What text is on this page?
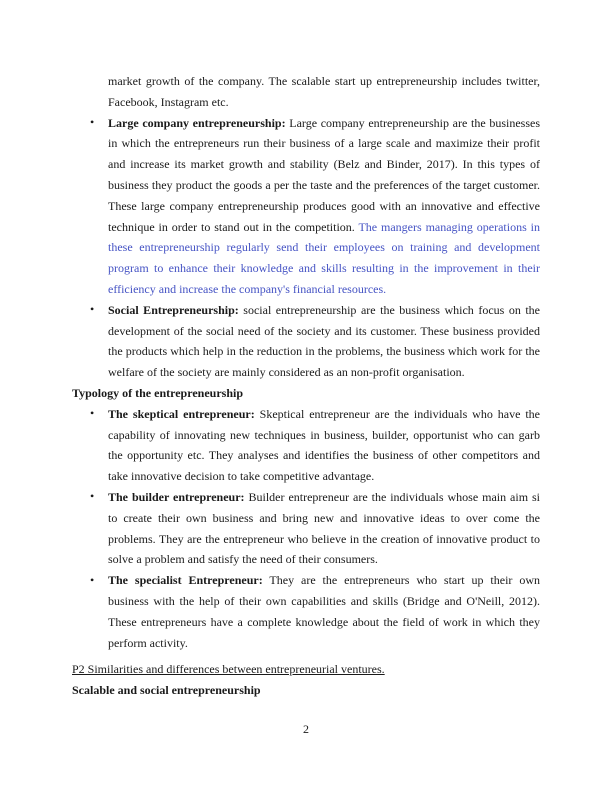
market growth of the company. The scalable start up entrepreneurship includes twitter, Facebook, Instagram etc.

• Large company entrepreneurship: Large company entrepreneurship are the businesses in which the entrepreneurs run their business of a large scale and maximize their profit and increase its market growth and stability (Belz and Binder, 2017). In this types of business they product the goods a per the taste and the preferences of the target customer. These large company entrepreneurship produces good with an innovative and effective technique in order to stand out in the competition. The mangers managing operations in these entrepreneurship regularly send their employees on training and development program to enhance their knowledge and skills resulting in the improvement in their efficiency and increase the company's financial resources.
• Social Entrepreneurship: social entrepreneurship are the business which focus on the development of the social need of the society and its customer. These business provided the products which help in the reduction in the problems, the business which work for the welfare of the society are mainly considered as an non-profit organisation.

Typology of the entrepreneurship

• The skeptical entrepreneur: Skeptical entrepreneur are the individuals who have the capability of innovating new techniques in business, builder, opportunist who can garb the opportunity etc. They analyses and identifies the business of other competitors and take innovative decision to take competitive advantage.
• The builder entrepreneur: Builder entrepreneur are the individuals whose main aim si to create their own business and bring new and innovative ideas to over come the problems. They are the entrepreneur who believe in the creation of innovative product to solve a problem and satisfy the need of their consumers.
• The specialist Entrepreneur: They are the entrepreneurs who start up their own business with the help of their own capabilities and skills (Bridge and O'Neill, 2012). These entrepreneurs have a complete knowledge about the field of work in which they perform activity.

P2 Similarities and differences between entrepreneurial ventures.

Scalable and social entrepreneurship

2
